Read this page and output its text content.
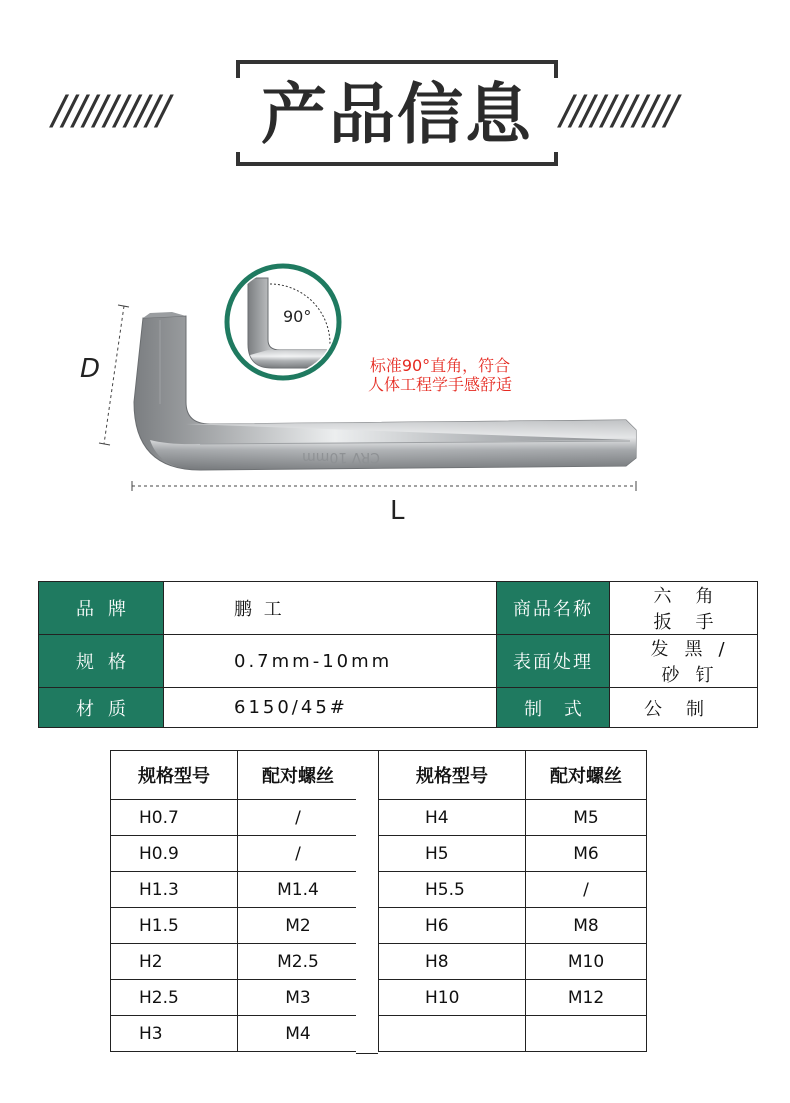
///////////	产品信息 ///////////
CRV 10mm
D
L
90°
标准90°直角，符合
人体工程学手感舒适
品牌	鹏 工	商品名称	六角扳手
规格	0.7mm-10mm	表面处理	发黑/砂钉
材质	6150/45#	制 式	公制
规格型号	配对螺丝
H0.7	/
H0.9	/
H1.3	M1.4
H1.5	M2
H2	M2.5
H2.5	M3
H3	M4
规格型号	配对螺丝
H4	M5
H5	M6
H5.5	/
H6	M8
H8	M10
H10	M12
